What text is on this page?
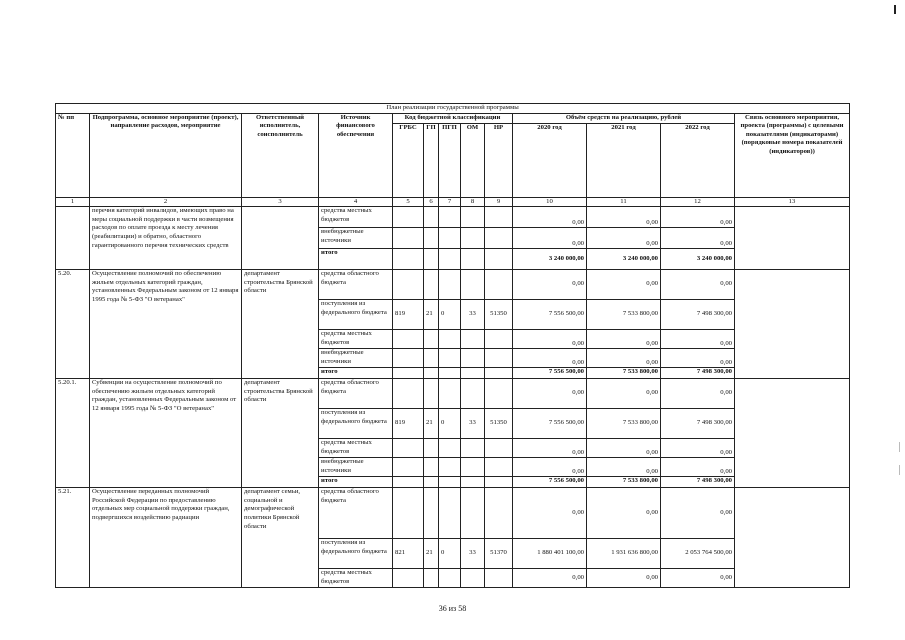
План реализации государственной программы												
№ пп	Подпрограмма, основное мероприятие (проект), направление расходов, мероприятие	Ответственный исполнитель, соисполнитель	Источник финансового обеспечения	Код бюджетной классификации					Объём средств на реализацию, рублей			Связь основного мероприятия, проекта (программы) с целевыми показателями (индикаторами) (порядковые номера показателей (индикаторов))
				ГРБС	ГП	ПГП	ОМ	НР	2020 год	2021 год	2022 год	
1	2	3	4	5	6	7	8	9	10	11	12	13
	перечня категорий инвалидов, имеющих право на меры социальной поддержки в части возмещения расходов по оплате проезда к месту лечения (реабилитации) и обратно, областного гарантированного перечня технических средств		средства местных бюджетов						0,00	0,00	0,00	
			внебюджетные источники						0,00	0,00	0,00	
			итого						3 240 000,00	3 240 000,00	3 240 000,00	
5.20.	Осуществление полномочий по обеспечению жильем отдельных категорий граждан, установленных Федеральным законом от 12 января 1995 года № 5-ФЗ "О ветеранах"	департамент строительства Брянской области	средства областного бюджета						0,00	0,00	0,00	
			поступления из федерального бюджета	819	21	0	33	51350	7 556 500,00	7 533 800,00	7 498 300,00	
			средства местных бюджетов						0,00	0,00	0,00	
			внебюджетные источники						0,00	0,00	0,00	
			итого						7 556 500,00	7 533 800,00	7 498 300,00	
5.20.1.	Субвенции на осуществление полномочий по обеспечению жильем отдельных категорий граждан, установленных Федеральным законом от 12 января 1995 года № 5-ФЗ "О ветеранах"	департамент строительства Брянской области	средства областного бюджета						0,00	0,00	0,00	
			поступления из федерального бюджета	819	21	0	33	51350	7 556 500,00	7 533 800,00	7 498 300,00	
			средства местных бюджетов						0,00	0,00	0,00	
			внебюджетные источники						0,00	0,00	0,00	
			итого						7 556 500,00	7 533 800,00	7 498 300,00	
5.21.	Осуществление переданных полномочий Российской Федерации по предоставлению отдельных мер социальной поддержки граждан, подвергшихся воздействию радиации	департамент семьи, социальной и демографической политики Брянской области	средства областного бюджета						0,00	0,00	0,00	
			поступления из федерального бюджета	821	21	0	33	51370	1 880 401 100,00	1 931 636 800,00	2 053 764 500,00	
			средства местных бюджетов						0,00	0,00	0,00	
36 из 58
